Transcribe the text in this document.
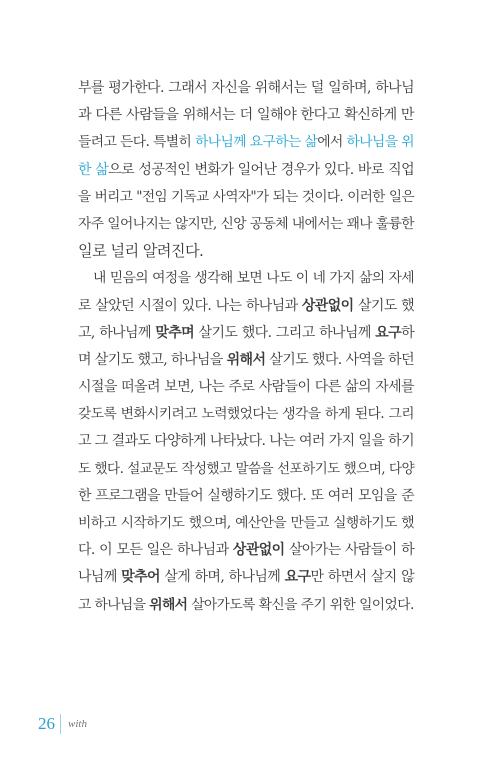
부를 평가한다. 그래서 자신을 위해서는 덜 일하며, 하나님
과 다른 사람들을 위해서는 더 일해야 한다고 확신하게 만
들려고 든다. 특별히 하나님께 요구하는 삶에서 하나님을 위
한 삶으로 성공적인 변화가 일어난 경우가 있다. 바로 직업
을 버리고 "전임 기독교 사역자"가 되는 것이다. 이러한 일은
자주 일어나지는 않지만, 신앙 공동체 내에서는 꽤나 훌륭한
일로 널리 알려진다.
내 믿음의 여정을 생각해 보면 나도 이 네 가지 삶의 자세
로 살았던 시절이 있다. 나는 하나님과 상관없이 살기도 했
고, 하나님께 맞추며 살기도 했다. 그리고 하나님께 요구하
며 살기도 했고, 하나님을 위해서 살기도 했다. 사역을 하던
시절을 떠올려 보면, 나는 주로 사람들이 다른 삶의 자세를
갖도록 변화시키려고 노력했었다는 생각을 하게 된다. 그리
고 그 결과도 다양하게 나타났다. 나는 여러 가지 일을 하기
도 했다. 설교문도 작성했고 말씀을 선포하기도 했으며, 다양
한 프로그램을 만들어 실행하기도 했다. 또 여러 모임을 준
비하고 시작하기도 했으며, 예산안을 만들고 실행하기도 했
다. 이 모든 일은 하나님과 상관없이 살아가는 사람들이 하
나님께 맞추어 살게 하며, 하나님께 요구만 하면서 살지 않
고 하나님을 위해서 살아가도록 확신을 주기 위한 일이었다.
26 with
